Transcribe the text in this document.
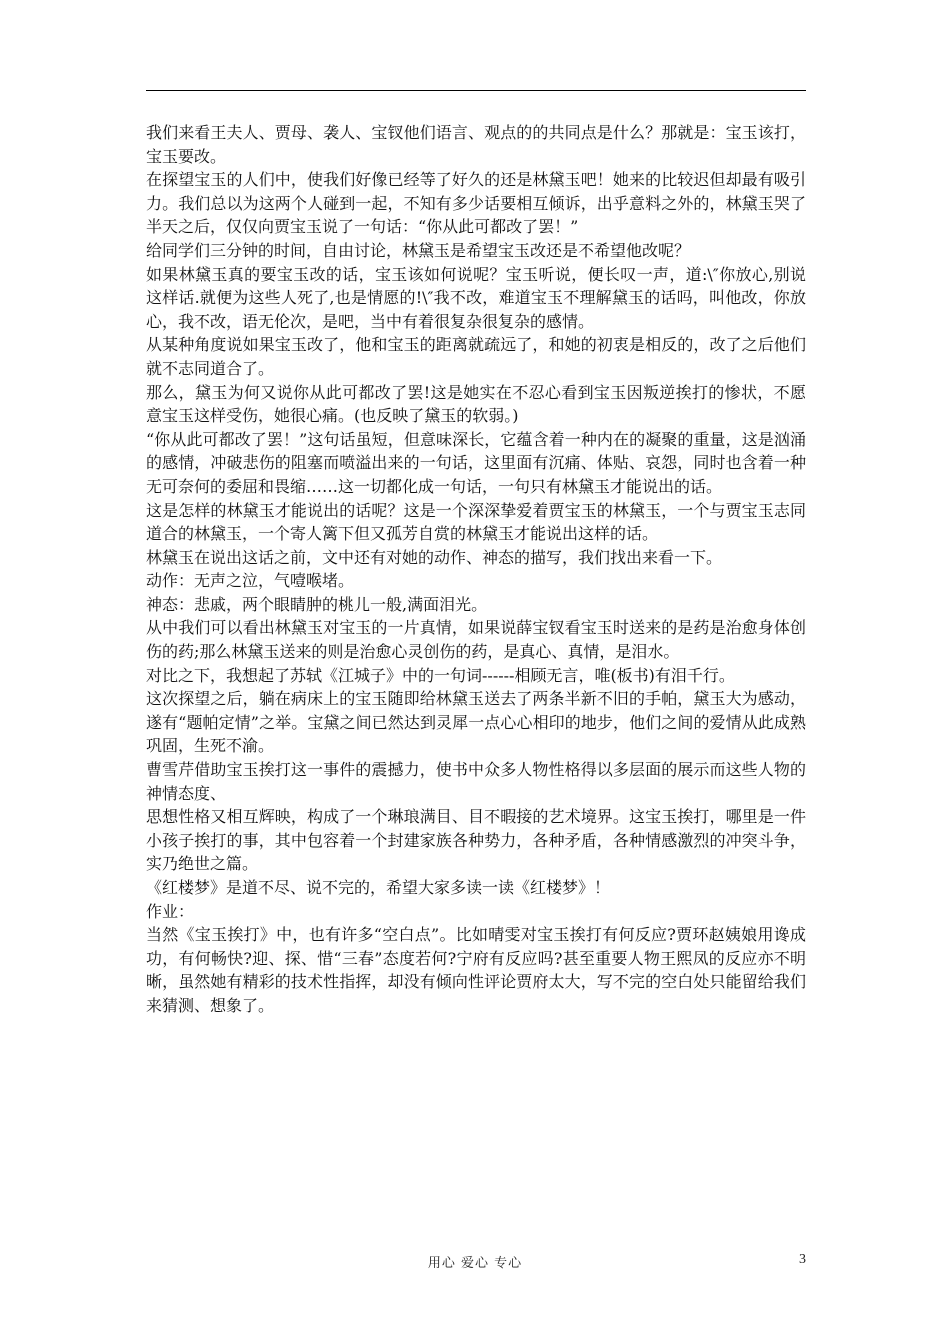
我们来看王夫人、贾母、袭人、宝钗他们语言、观点的的共同点是什么？那就是：宝玉该打，宝玉要改。

在探望宝玉的人们中，使我们好像已经等了好久的还是林黛玉吧！她来的比较迟但却最有吸引力。我们总以为这两个人碰到一起，不知有多少话要相互倾诉，出乎意料之外的，林黛玉哭了半天之后，仅仅向贾宝玉说了一句话：“你从此可都改了罢！”

给同学们三分钟的时间，自由讨论，林黛玉是希望宝玉改还是不希望他改呢？

如果林黛玉真的要宝玉改的话，宝玉该如何说呢？宝玉听说，便长叹一声，道:\″你放心,别说这样话.就便为这些人死了,也是情愿的!\″我不改，难道宝玉不理解黛玉的话吗，叫他改，你放心，我不改，语无伦次，是吧，当中有着很复杂很复杂的感情。

从某种角度说如果宝玉改了，他和宝玉的距离就疏远了，和她的初衷是相反的，改了之后他们就不志同道合了。

那么，黛玉为何又说你从此可都改了罢!这是她实在不忍心看到宝玉因叛逆挨打的惨状，不愿意宝玉这样受伤，她很心痛。(也反映了黛玉的软弱。)

“你从此可都改了罢！”这句话虽短，但意味深长，它蕴含着一种内在的凝聚的重量，这是汹涌的感情，冲破悲伤的阻塞而喷溢出来的一句话，这里面有沉痛、体贴、哀怨，同时也含着一种无可奈何的委屈和畏缩……这一切都化成一句话，一句只有林黛玉才能说出的话。

这是怎样的林黛玉才能说出的话呢？这是一个深深挚爱着贾宝玉的林黛玉，一个与贾宝玉志同道合的林黛玉，一个寄人篱下但又孤芳自赏的林黛玉才能说出这样的话。

林黛玉在说出这话之前，文中还有对她的动作、神态的描写，我们找出来看一下。

动作：无声之泣，气噎喉堵。

神态：悲戚，两个眼睛肿的桃儿一般,满面泪光。

从中我们可以看出林黛玉对宝玉的一片真情，如果说薛宝钗看宝玉时送来的是药是治愈身体创伤的药;那么林黛玉送来的则是治愈心灵创伤的药，是真心、真情，是泪水。

对比之下，我想起了苏轼《江城子》中的一句词------相顾无言，唯(板书)有泪千行。

这次探望之后，躺在病床上的宝玉随即给林黛玉送去了两条半新不旧的手帕，黛玉大为感动，遂有“题帕定情”之举。宝黛之间已然达到灵犀一点心心相印的地步，他们之间的爱情从此成熟巩固，生死不渝。

曹雪芹借助宝玉挨打这一事件的震撼力，使书中众多人物性格得以多层面的展示而这些人物的神情态度、

思想性格又相互辉映，构成了一个琳琅满目、目不暇接的艺术境界。这宝玉挨打，哪里是一件小孩子挨打的事，其中包容着一个封建家族各种势力，各种矛盾，各种情感激烈的冲突斗争，实乃绝世之篇。

《红楼梦》是道不尽、说不完的，希望大家多读一读《红楼梦》！

作业：

当然《宝玉挨打》中，也有许多“空白点”。比如晴雯对宝玉挨打有何反应?贾环赵姨娘用谗成功，有何畅快?迎、探、惜“三春”态度若何?宁府有反应吗?甚至重要人物王熙凤的反应亦不明晰，虽然她有精彩的技术性指挥，却没有倾向性评论贾府太大，写不完的空白处只能留给我们来猜测、想象了。

用心 爱心 专心	3
